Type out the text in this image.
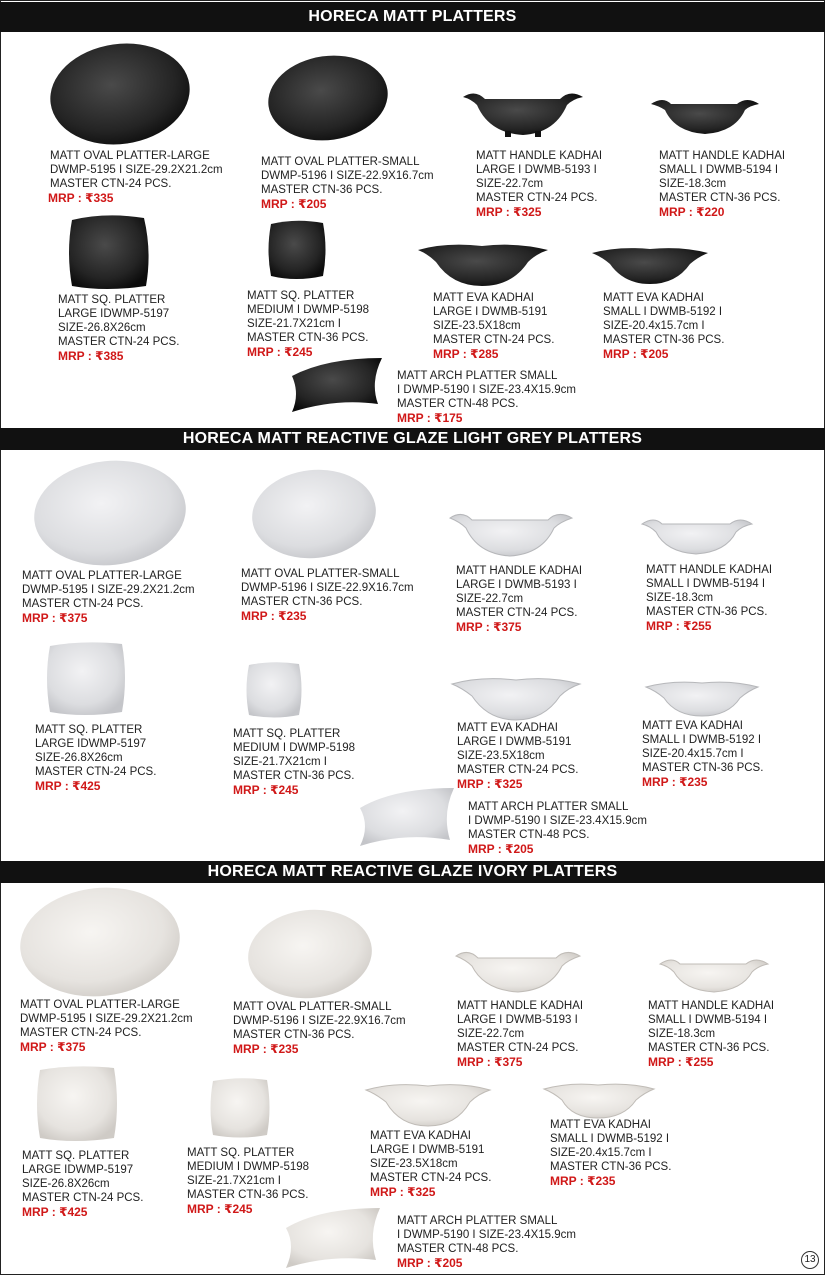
HORECA MATT PLATTERS
MATT OVAL PLATTER-LARGE
DWMP-5195 I SIZE-29.2X21.2cm
MASTER CTN-24 PCS.
MRP : ₹335
MATT OVAL PLATTER-SMALL
DWMP-5196 I SIZE-22.9X16.7cm
MASTER CTN-36 PCS.
MRP : ₹205
MATT HANDLE KADHAI
LARGE I DWMB-5193 I
SIZE-22.7cm
MASTER CTN-24 PCS.
MRP : ₹325
MATT HANDLE KADHAI
SMALL I DWMB-5194 I
SIZE-18.3cm
MASTER CTN-36 PCS.
MRP : ₹220
MATT SQ. PLATTER
LARGE IDWMP-5197
SIZE-26.8X26cm
MASTER CTN-24 PCS.
MRP : ₹385
MATT SQ. PLATTER
MEDIUM I DWMP-5198
SIZE-21.7X21cm I
MASTER CTN-36 PCS.
MRP : ₹245
MATT EVA KADHAI
LARGE I DWMB-5191
SIZE-23.5X18cm
MASTER CTN-24 PCS.
MRP : ₹285
MATT EVA KADHAI
SMALL I DWMB-5192 I
SIZE-20.4x15.7cm I
MASTER CTN-36 PCS.
MRP : ₹205
MATT ARCH PLATTER SMALL
I DWMP-5190 I SIZE-23.4X15.9cm
MASTER CTN-48 PCS.
MRP : ₹175
HORECA MATT REACTIVE GLAZE LIGHT GREY PLATTERS
MATT OVAL PLATTER-LARGE
DWMP-5195 I SIZE-29.2X21.2cm
MASTER CTN-24 PCS.
MRP : ₹375
MATT OVAL PLATTER-SMALL
DWMP-5196 I SIZE-22.9X16.7cm
MASTER CTN-36 PCS.
MRP : ₹235
MATT HANDLE KADHAI
LARGE I DWMB-5193 I
SIZE-22.7cm
MASTER CTN-24 PCS.
MRP : ₹375
MATT HANDLE KADHAI
SMALL I DWMB-5194 I
SIZE-18.3cm
MASTER CTN-36 PCS.
MRP : ₹255
MATT SQ. PLATTER
LARGE IDWMP-5197
SIZE-26.8X26cm
MASTER CTN-24 PCS.
MRP : ₹425
MATT SQ. PLATTER
MEDIUM I DWMP-5198
SIZE-21.7X21cm I
MASTER CTN-36 PCS.
MRP : ₹245
MATT EVA KADHAI
LARGE I DWMB-5191
SIZE-23.5X18cm
MASTER CTN-24 PCS.
MRP : ₹325
MATT EVA KADHAI
SMALL I DWMB-5192 I
SIZE-20.4x15.7cm I
MASTER CTN-36 PCS.
MRP : ₹235
MATT ARCH PLATTER SMALL
I DWMP-5190 I SIZE-23.4X15.9cm
MASTER CTN-48 PCS.
MRP : ₹205
HORECA MATT REACTIVE GLAZE IVORY PLATTERS
MATT OVAL PLATTER-LARGE
DWMP-5195 I SIZE-29.2X21.2cm
MASTER CTN-24 PCS.
MRP : ₹375
MATT OVAL PLATTER-SMALL
DWMP-5196 I SIZE-22.9X16.7cm
MASTER CTN-36 PCS.
MRP : ₹235
MATT HANDLE KADHAI
LARGE I DWMB-5193 I
SIZE-22.7cm
MASTER CTN-24 PCS.
MRP : ₹375
MATT HANDLE KADHAI
SMALL I DWMB-5194 I
SIZE-18.3cm
MASTER CTN-36 PCS.
MRP : ₹255
MATT SQ. PLATTER
LARGE IDWMP-5197
SIZE-26.8X26cm
MASTER CTN-24 PCS.
MRP : ₹425
MATT SQ. PLATTER
MEDIUM I DWMP-5198
SIZE-21.7X21cm I
MASTER CTN-36 PCS.
MRP : ₹245
MATT EVA KADHAI
LARGE I DWMB-5191
SIZE-23.5X18cm
MASTER CTN-24 PCS.
MRP : ₹325
MATT EVA KADHAI
SMALL I DWMB-5192 I
SIZE-20.4x15.7cm I
MASTER CTN-36 PCS.
MRP : ₹235
MATT ARCH PLATTER SMALL
I DWMP-5190 I SIZE-23.4X15.9cm
MASTER CTN-48 PCS.
MRP : ₹205	13
